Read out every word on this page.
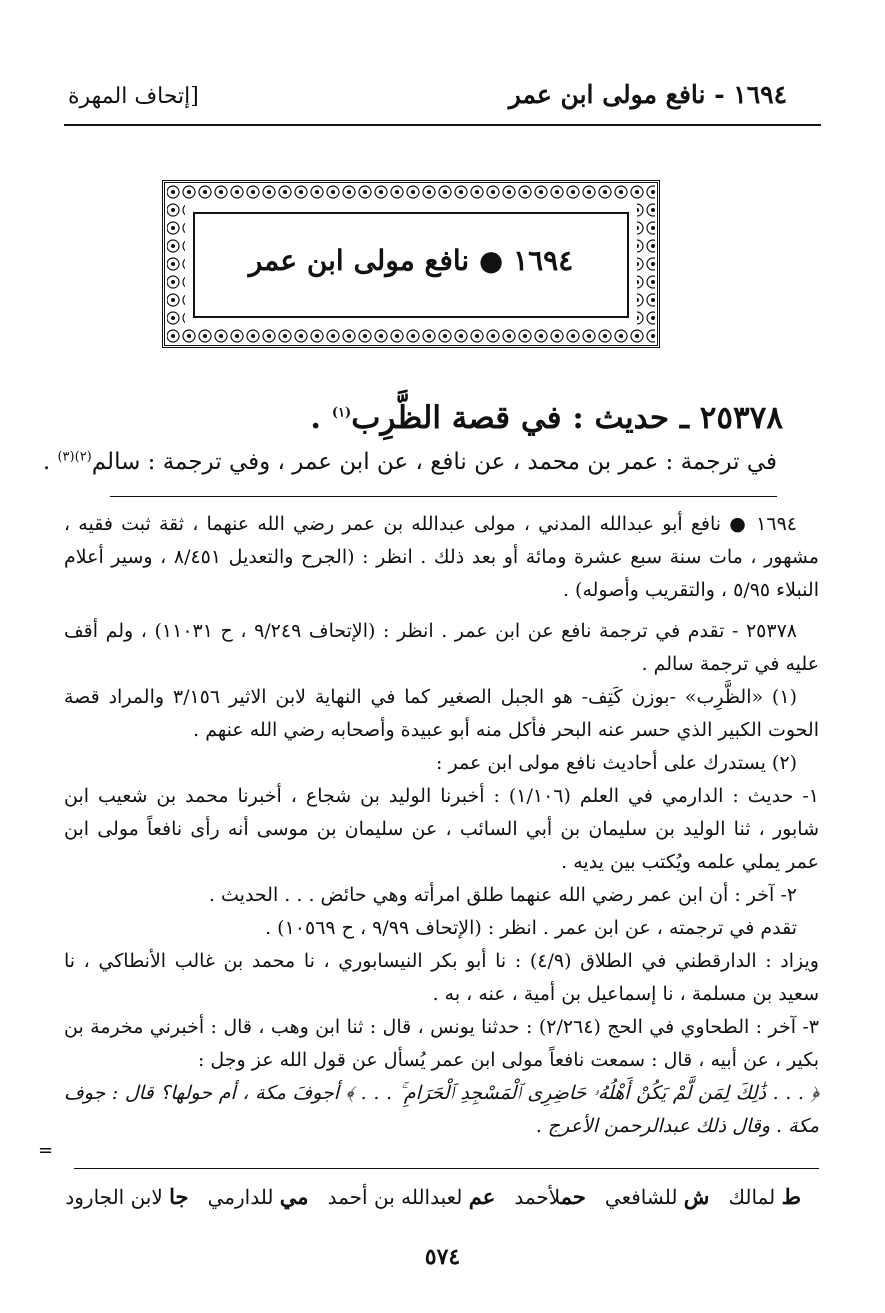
١٦٩٤ - نافع مولى ابن عمر
[إتحاف المهرة
١٦٩٤ ● نافع مولى ابن عمر
٢٥٣٧٨ ـ حديث : في قصة الظَّرِب$^{(١)}$ .
في ترجمة : عمر بن محمد ، عن نافع ، عن ابن عمر ، وفي ترجمة : سالم$^{(٢)(٣)}$ .

١٦٩٤ ● نافع أبو عبدالله المدني ، مولى عبدالله بن عمر رضي الله عنهما ، ثقة ثبت فقيه ، مشهور ، مات سنة سبع عشرة ومائة أو بعد ذلك . انظر : (الجرح والتعديل ٨/٤٥١ ، وسير أعلام النبلاء ٥/٩٥ ، والتقريب وأصوله) .

٢٥٣٧٨ - تقدم في ترجمة نافع عن ابن عمر . انظر : (الإتحاف ٩/٢٤٩ ، ح ١١٠٣١) ، ولم أقف عليه في ترجمة سالم .

(١) «الظَّرِب» -بوزن كَتِف- هو الجبل الصغير كما في النهاية لابن الاثير ٣/١٥٦ والمراد قصة الحوت الكبير الذي حسر عنه البحر فأكل منه أبو عبيدة وأصحابه رضي الله عنهم .

(٢) يستدرك على أحاديث نافع مولى ابن عمر :

١- حديث : الدارمي في العلم (١/١٠٦) : أخبرنا الوليد بن شجاع ، أخبرنا محمد بن شعيب ابن شابور ، ثنا الوليد بن سليمان بن أبي السائب ، عن سليمان بن موسى أنه رأى نافعاً مولى ابن عمر يملي علمه ويُكتب بين يديه .

٢- آخر : أن ابن عمر رضي الله عنهما طلق امرأته وهي حائض . . . الحديث .

تقدم في ترجمته ، عن ابن عمر . انظر : (الإتحاف ٩/٩٩ ، ح ١٠٥٦٩) .

ويزاد : الدارقطني في الطلاق (٤/٩) : نا أبو بكر النيسابوري ، نا محمد بن غالب الأنطاكي ، نا سعيد بن مسلمة ، نا إسماعيل بن أمية ، عنه ، به .

٣- آخر : الطحاوي في الحج (٢/٢٦٤) : حدثنا يونس ، قال : ثنا ابن وهب ، قال : أخبرني مخرمة بن بكير ، عن أبيه ، قال : سمعت نافعاً مولى ابن عمر يُسأل عن قول الله عز وجل :

﴿ . . . ذَٰلِكَ لِمَن لَّمْ يَكُنْ أَهْلُهُۥ حَاضِرِى ٱلْمَسْجِدِ ٱلْحَرَامِ ۚ . . . ﴾ أجوفَ مكة ، أم حولها؟ قال : جوف مكة . وقال ذلك عبدالرحمن الأعرج .

=
ط لمالك   ش للشافعي   حملأحمد   عم لعبدالله بن أحمد   مي للدارمي   جا لابن الجارود
٥٧٤
